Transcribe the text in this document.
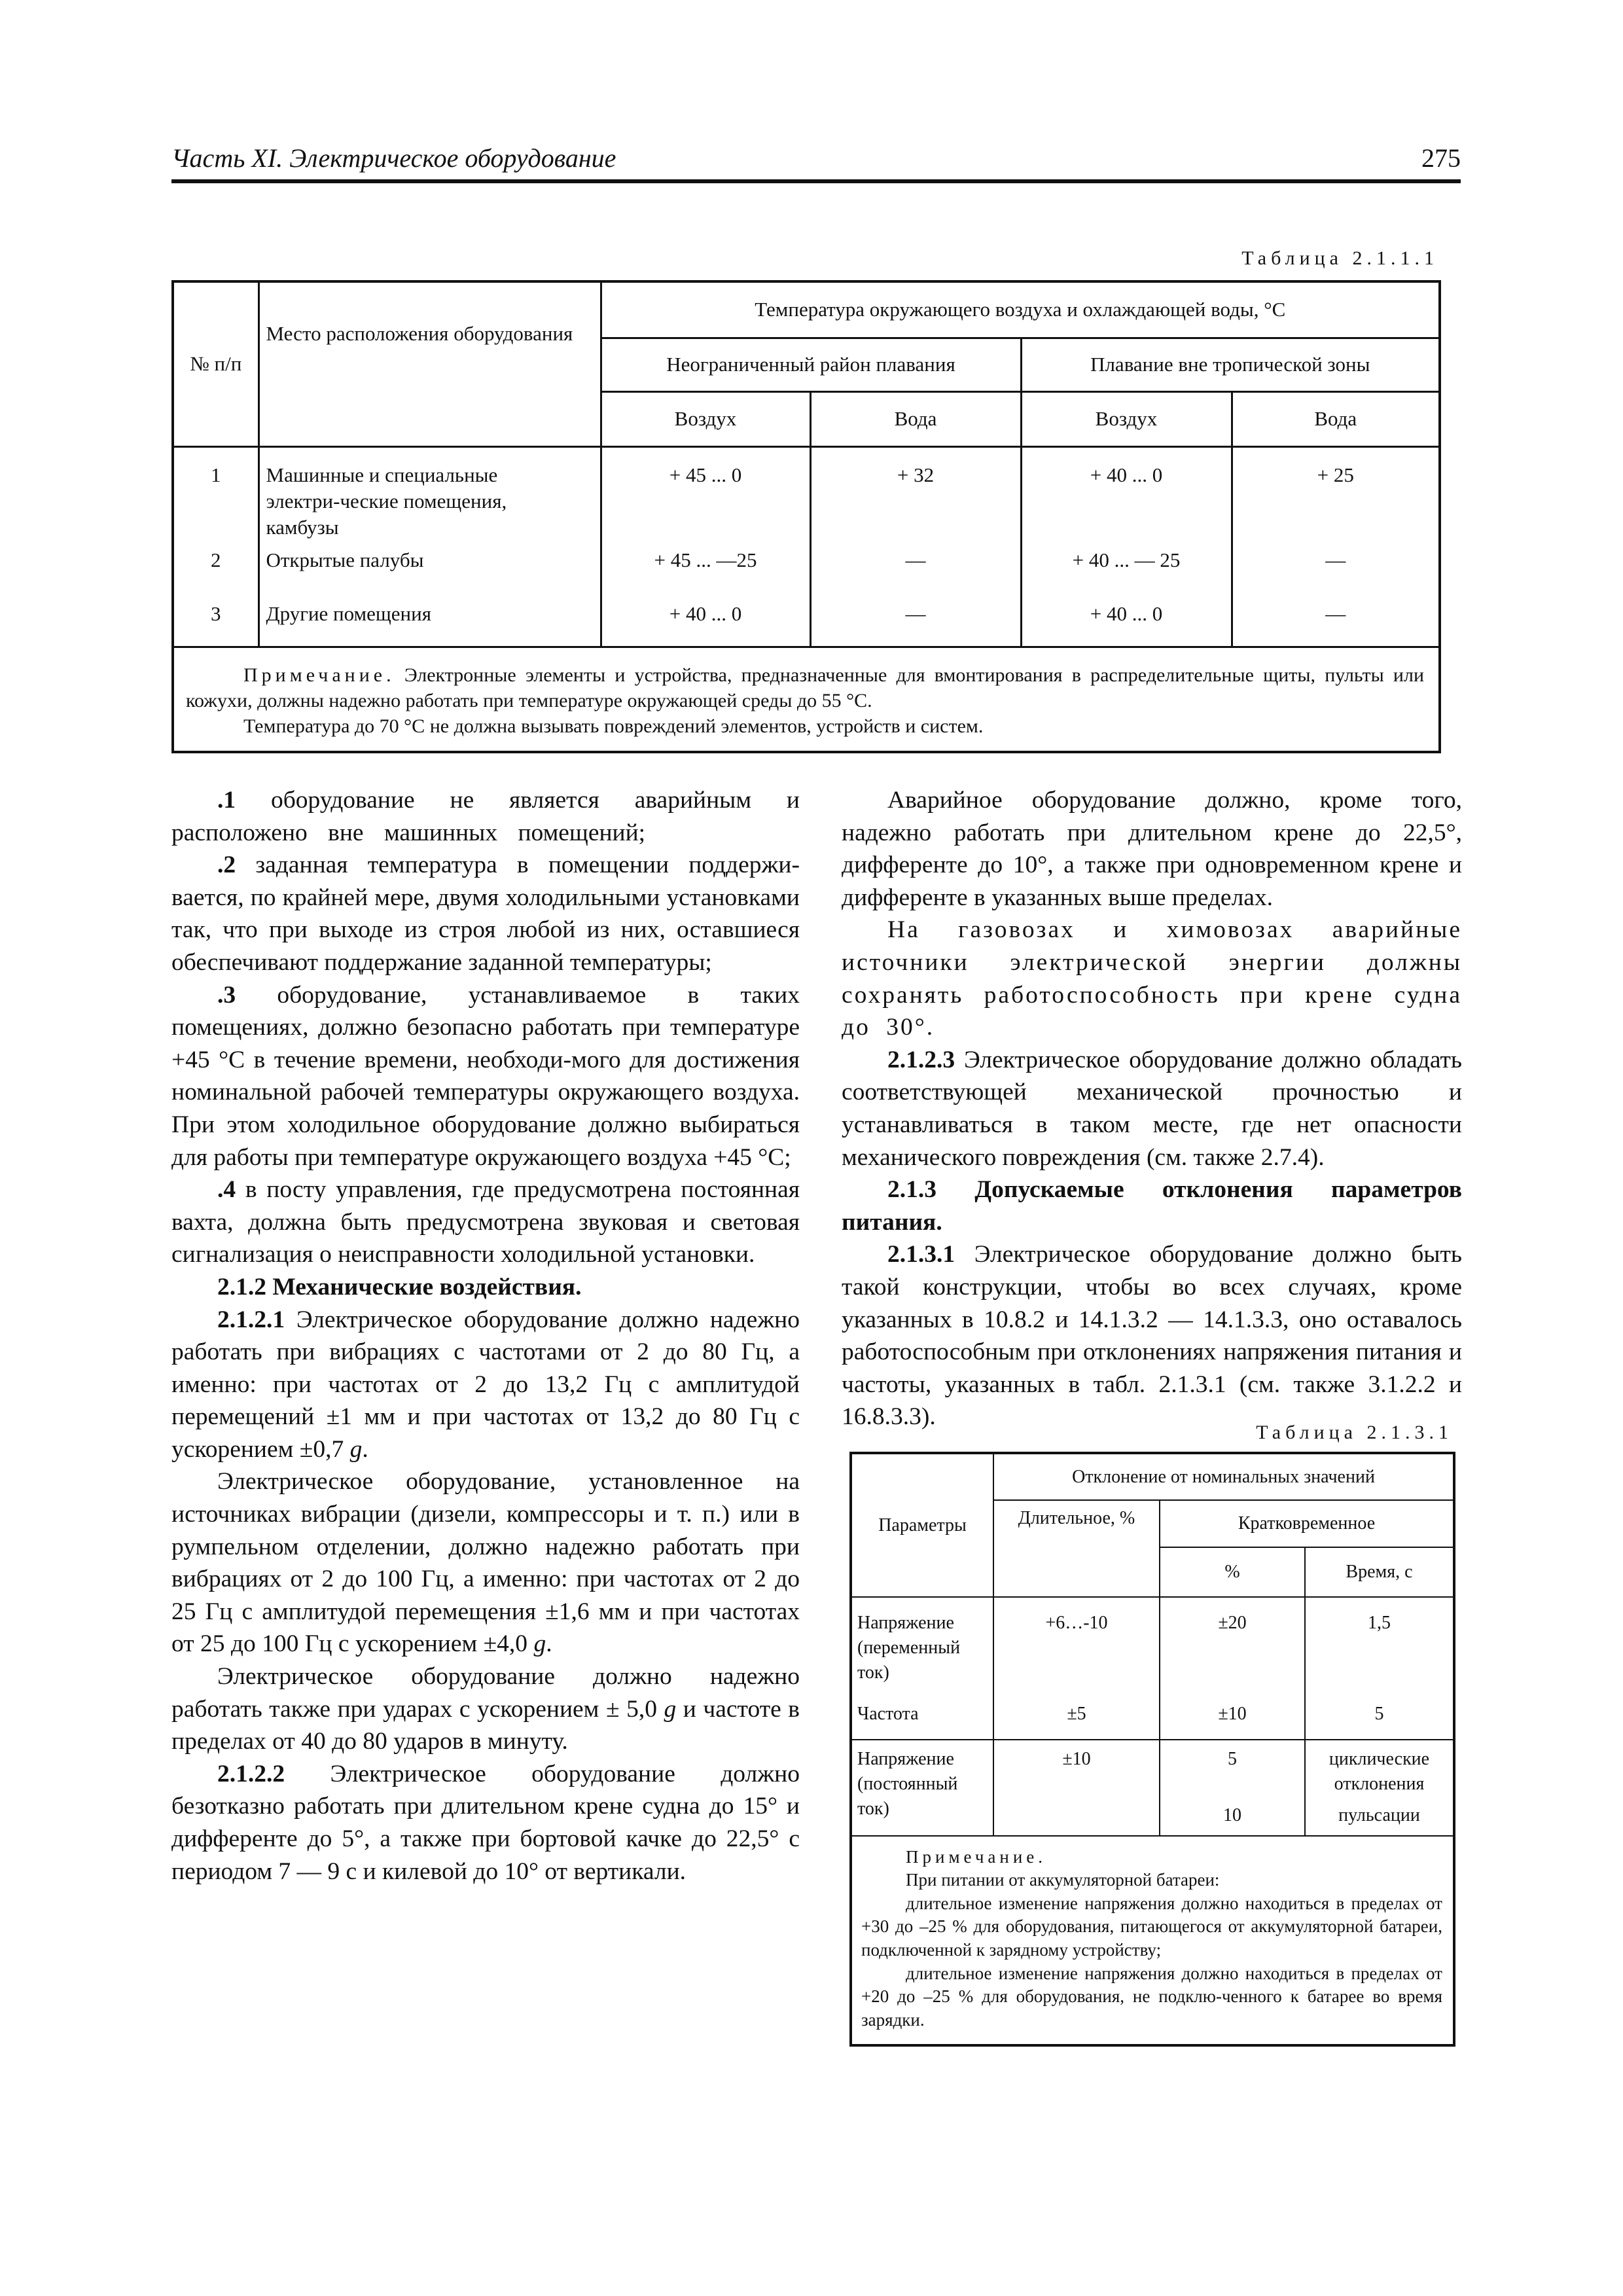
Часть XI. Электрическое оборудование	275
Таблица 2.1.1.1
№ п/п	Место расположения оборудования	Температура окружающего воздуха и охлаждающей воды, °С			
		Неограниченный район плавания		Плавание вне тропической зоны	
		Воздух	Вода	Воздух	Вода
1	Машинные и специальные электри-ческие помещения, камбузы	+ 45 ... 0	+ 32	+ 40 ... 0	+ 25
2	Открытые палубы	+ 45 ... —25	—	+ 40 ... — 25	—
3	Другие помещения	+ 40 ... 0	—	+ 40 ... 0	—

Примечание. Электронные элементы и устройства, предназначенные для вмонтирования в распределительные щиты, пульты или кожухи, должны надежно работать при температуре окружающей среды до 55 °С.
Температура до 70 °С не должна вызывать повреждений элементов, устройств и систем.					

.1 оборудование не является аварийным и расположено вне машинных помещений;

.2 заданная температура в помещении поддержи-вается, по крайней мере, двумя холодильными установками так, что при выходе из строя любой из них, оставшиеся обеспечивают поддержание заданной температуры;

.3 оборудование, устанавливаемое в таких помещениях, должно безопасно работать при температуре +45 °С в течение времени, необходи-мого для достижения номинальной рабочей температуры окружающего воздуха. При этом холодильное оборудование должно выбираться для работы при температуре окружающего воздуха +45 °С;

.4 в посту управления, где предусмотрена постоянная вахта, должна быть предусмотрена звуковая и световая сигнализация о неисправности холодильной установки.

2.1.2 Механические воздействия.

2.1.2.1 Электрическое оборудование должно надежно работать при вибрациях с частотами от 2 до 80 Гц, а именно: при частотах от 2 до 13,2 Гц с амплитудой перемещений ±1 мм и при частотах от 13,2 до 80 Гц с ускорением ±0,7 g.

Электрическое оборудование, установленное на источниках вибрации (дизели, компрессоры и т. п.) или в румпельном отделении, должно надежно работать при вибрациях от 2 до 100 Гц, а именно: при частотах от 2 до 25 Гц с амплитудой перемещения ±1,6 мм и при частотах от 25 до 100 Гц с ускорением ±4,0 g.

Электрическое оборудование должно надежно работать также при ударах с ускорением ± 5,0 g и частоте в пределах от 40 до 80 ударов в минуту.

2.1.2.2 Электрическое оборудование должно безотказно работать при длительном крене судна до 15° и дифференте до 5°, а также при бортовой качке до 22,5° с периодом 7 — 9 с и килевой до 10° от вертикали.

Аварийное оборудование должно, кроме того, надежно работать при длительном крене до 22,5°, дифференте до 10°, а также при одновременном крене и дифференте в указанных выше пределах.

На газовозах и химовозах аварийные источники электрической энергии должны сохранять работоспособность при крене судна до 30°.

2.1.2.3 Электрическое оборудование должно обладать соответствующей механической прочностью и устанавливаться в таком месте, где нет опасности механического повреждения (см. также 2.7.4).

2.1.3 Допускаемые отклонения параметров питания.

2.1.3.1 Электрическое оборудование должно быть такой конструкции, чтобы во всех случаях, кроме указанных в 10.8.2 и 14.1.3.2 — 14.1.3.3, оно оставалось работоспособным при отклонениях напряжения питания и частоты, указанных в табл. 2.1.3.1 (см. также 3.1.2.2 и 16.8.3.3).

Таблица 2.1.3.1
Параметры	Отклонение от номинальных значений		
	Длительное, %	Кратковременное	
		%	Время, с
Напряжение (переменный ток)	+6…-10	±20	1,5
Частота	±5	±10	5
Напряжение (постоянный ток)	±10	5	циклические отклонения
		10	пульсации

Примечание.
При питании от аккумуляторной батареи:
длительное изменение напряжения должно находиться в пределах от +30 до –25 % для оборудования, питающегося от аккумуляторной батареи, подключенной к зарядному устройству;
длительное изменение напряжения должно находиться в пределах от +20 до –25 % для оборудования, не подклю-ченного к батарее во время зарядки.			
